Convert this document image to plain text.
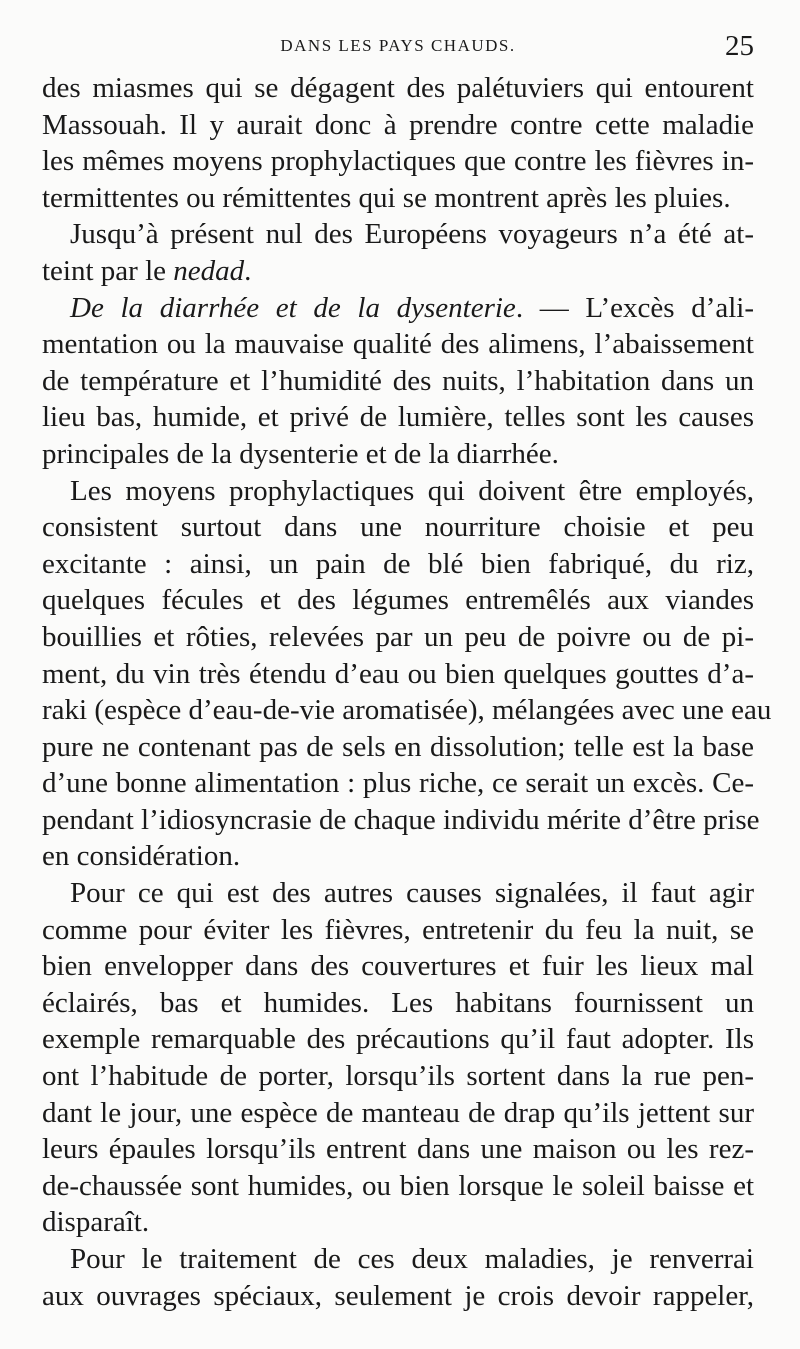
DANS LES PAYS CHAUDS.	25
des miasmes qui se dégagent des palétuviers qui entourent
Massouah. Il y aurait donc à prendre contre cette maladie
les mêmes moyens prophylactiques que contre les fièvres in-
termittentes ou rémittentes qui se montrent après les pluies.
Jusqu’à présent nul des Européens voyageurs n’a été at-
teint par le nedad.
De la diarrhée et de la dysenterie. — L’excès d’ali-
mentation ou la mauvaise qualité des alimens, l’abaissement
de température et l’humidité des nuits, l’habitation dans un
lieu bas, humide, et privé de lumière, telles sont les causes
principales de la dysenterie et de la diarrhée.
Les moyens prophylactiques qui doivent être employés,
consistent surtout dans une nourriture choisie et peu
excitante : ainsi, un pain de blé bien fabriqué, du riz,
quelques fécules et des légumes entremêlés aux viandes
bouillies et rôties, relevées par un peu de poivre ou de pi-
ment, du vin très étendu d’eau ou bien quelques gouttes d’a-
raki (espèce d’eau-de-vie aromatisée), mélangées avec une eau
pure ne contenant pas de sels en dissolution; telle est la base
d’une bonne alimentation : plus riche, ce serait un excès. Ce-
pendant l’idiosyncrasie de chaque individu mérite d’être prise
en considération.
Pour ce qui est des autres causes signalées, il faut agir
comme pour éviter les fièvres, entretenir du feu la nuit, se
bien envelopper dans des couvertures et fuir les lieux mal
éclairés, bas et humides. Les habitans fournissent un
exemple remarquable des précautions qu’il faut adopter. Ils
ont l’habitude de porter, lorsqu’ils sortent dans la rue pen-
dant le jour, une espèce de manteau de drap qu’ils jettent sur
leurs épaules lorsqu’ils entrent dans une maison ou les rez-
de-chaussée sont humides, ou bien lorsque le soleil baisse et
disparaît.
Pour le traitement de ces deux maladies, je renverrai
aux ouvrages spéciaux, seulement je crois devoir rappeler,
